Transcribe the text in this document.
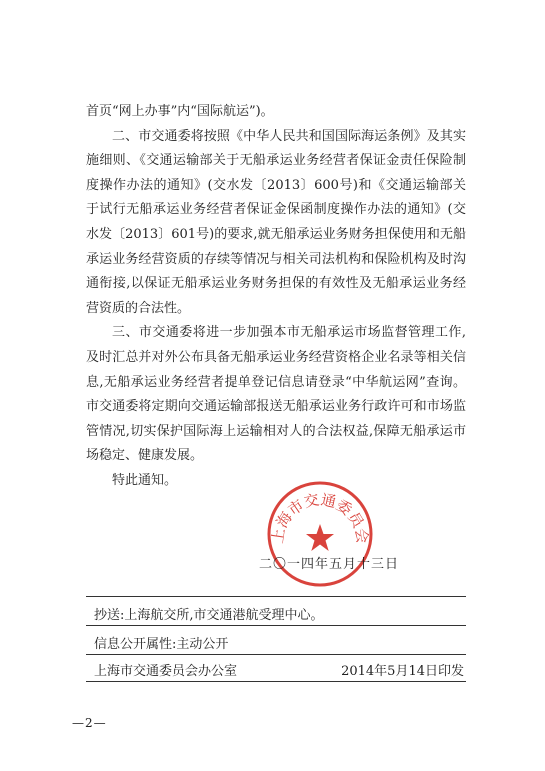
首页“网上办事”内“国际航运”)。

二、市交通委将按照《中华人民共和国国际海运条例》及其实施细则、《交通运输部关于无船承运业务经营者保证金责任保险制度操作办法的通知》(交水发〔2013〕600号)和《交通运输部关于试行无船承运业务经营者保证金保函制度操作办法的通知》(交水发〔2013〕601号)的要求,就无船承运业务财务担保使用和无船承运业务经营资质的存续等情况与相关司法机构和保险机构及时沟通衔接,以保证无船承运业务财务担保的有效性及无船承运业务经营资质的合法性。

三、市交通委将进一步加强本市无船承运市场监督管理工作,及时汇总并对外公布具备无船承运业务经营资格企业名录等相关信息,无船承运业务经营者提单登记信息请登录“中华航运网”查询。市交通委将定期向交通运输部报送无船承运业务行政许可和市场监管情况,切实保护国际海上运输相对人的合法权益,保障无船承运市场稳定、健康发展。

特此通知。

上海市交通委员会
二〇一四年五月十三日
抄送:上海航交所,市交通港航受理中心。
信息公开属性:主动公开
上海市交通委员会办公室	2014年5月14日印发
—2—
